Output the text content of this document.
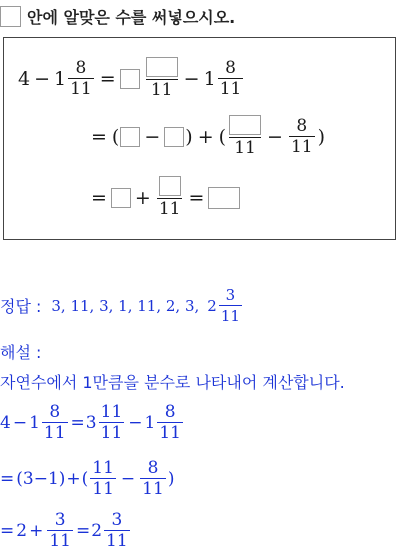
안에 알맞은 수를 써넣으시오.
$4 - 1 \frac{8}{11}$ =
11
− $1 \frac{8}{11}$
= ( − ) + (
11
− $\frac{8}{11}$ )
= +
11
=
정답 : 3, 11, 3, 1, 11, 2, 3, $2 \frac{3}{11}$
해설 :
자연수에서 1만큼을 분수로 나타내어 계산합니다.
$4 - 1 \frac{8}{11} = 3 \frac{11}{11} - 1 \frac{8}{11}$
= (3−1) + ( $\frac{11}{11} - \frac{8}{11}$ )
= $2 + \frac{3}{11} = 2 \frac{3}{11}$
